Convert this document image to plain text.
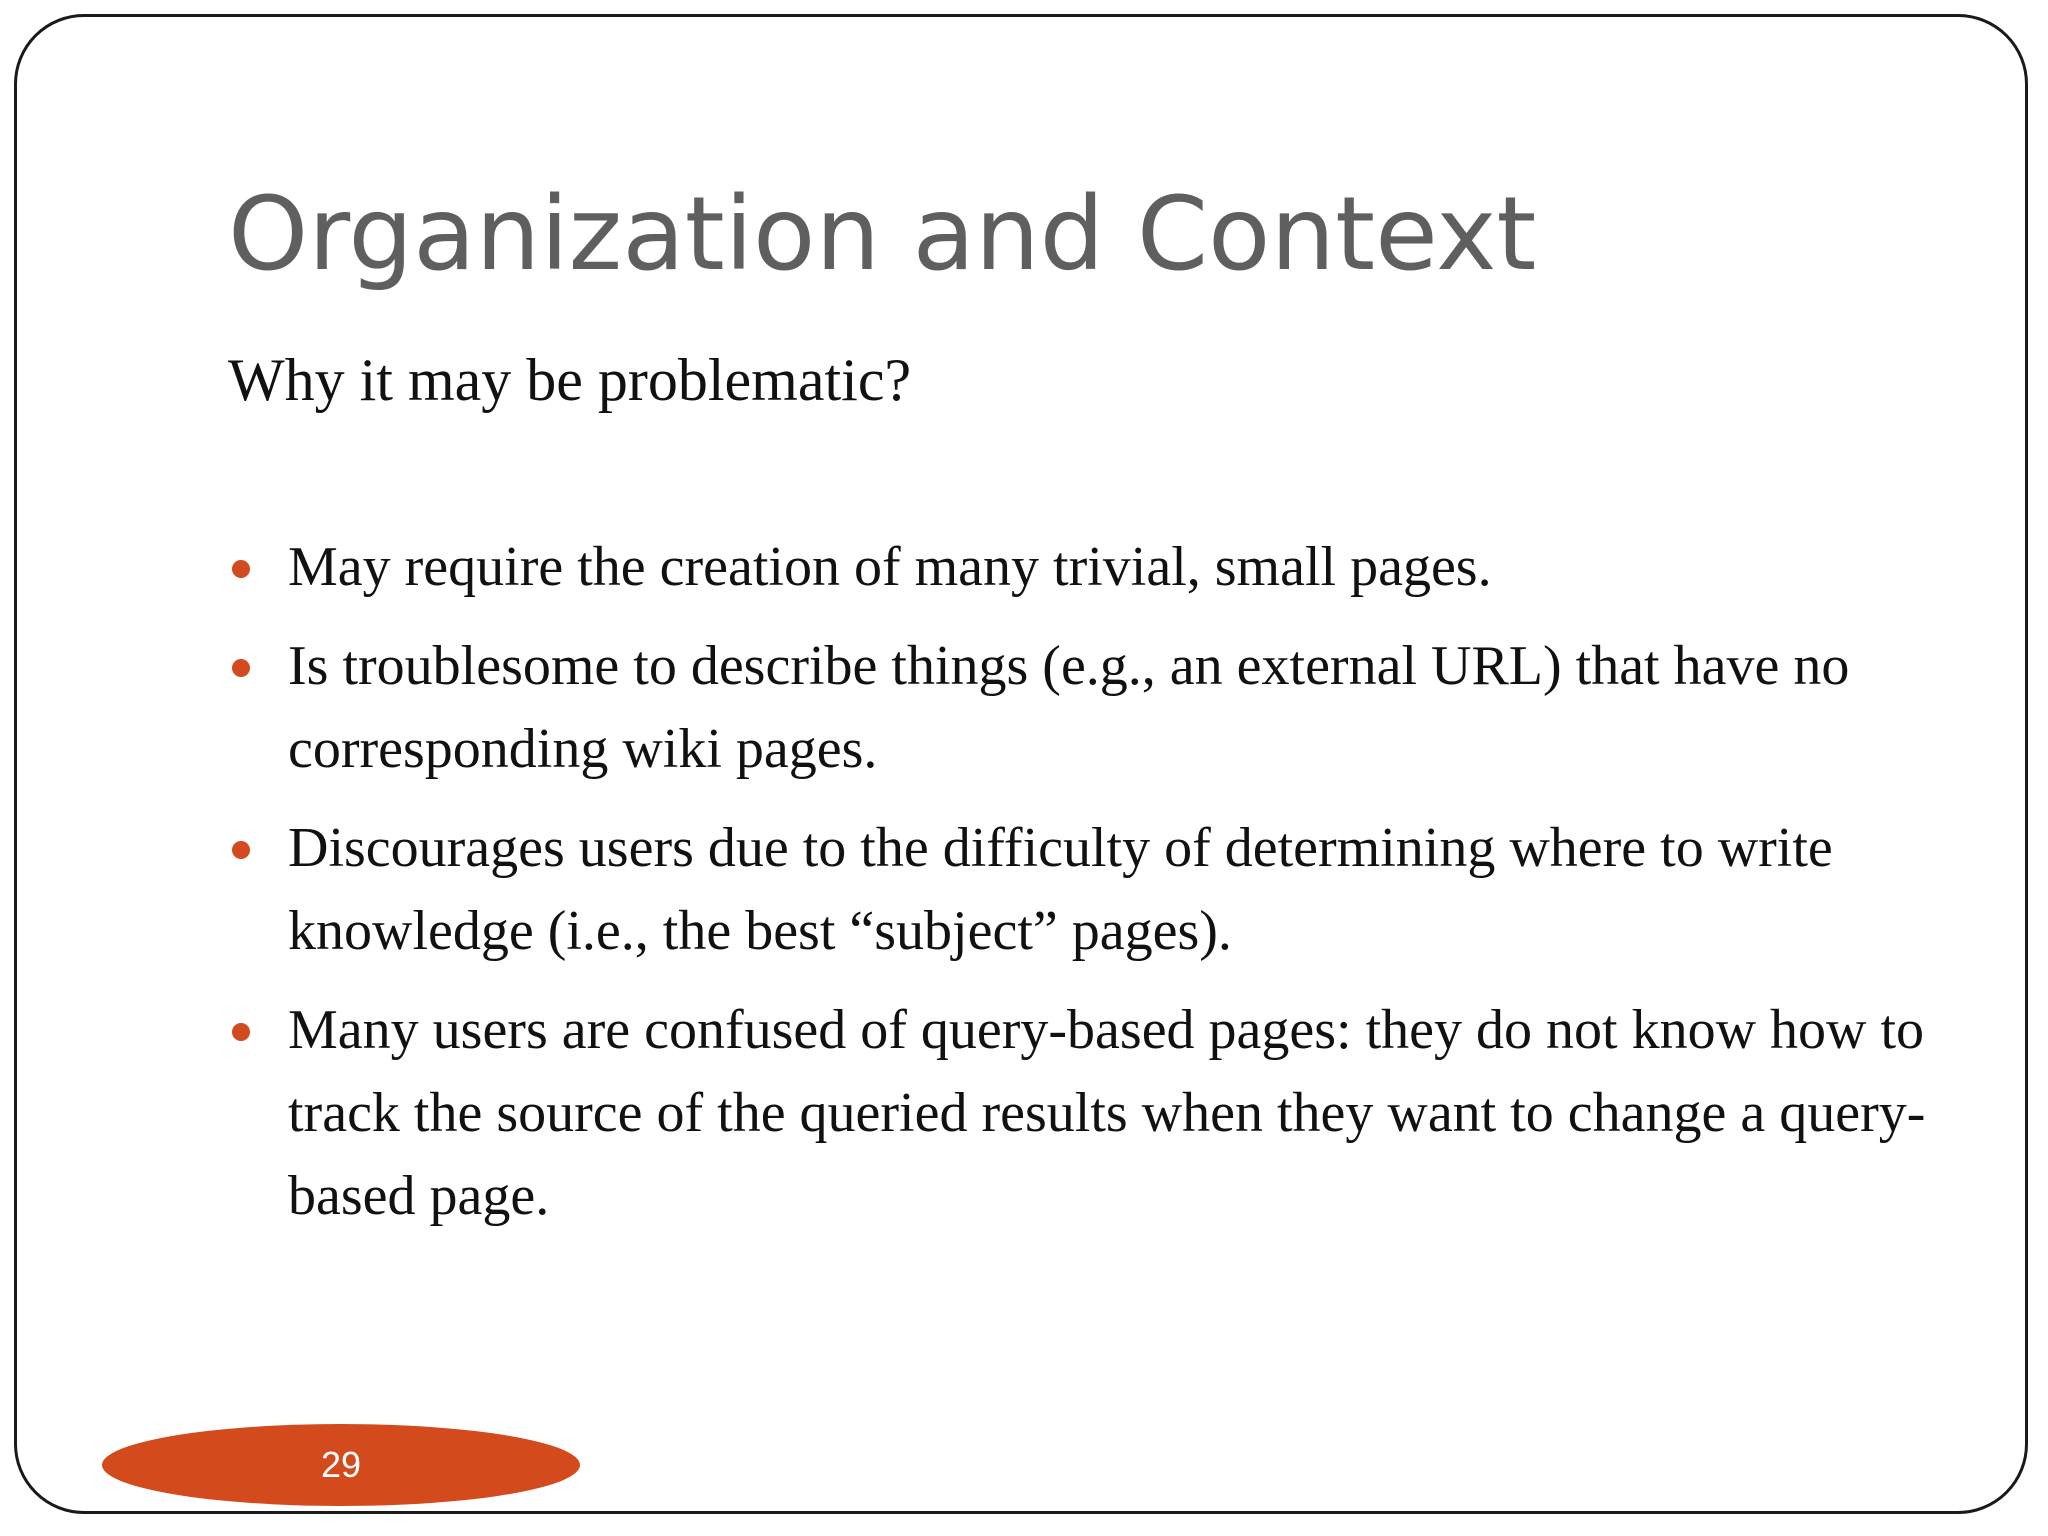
Organization and Context

Why it may be problematic?

May require the creation of many trivial, small pages.
Is troublesome to describe things (e.g., an external URL) that have no corresponding wiki pages.
Discourages users due to the difficulty of determining where to write knowledge (i.e., the best “subject” pages).
Many users are confused of query-based pages: they do not know how to track the source of the queried results when they want to change a query-based page.
29
